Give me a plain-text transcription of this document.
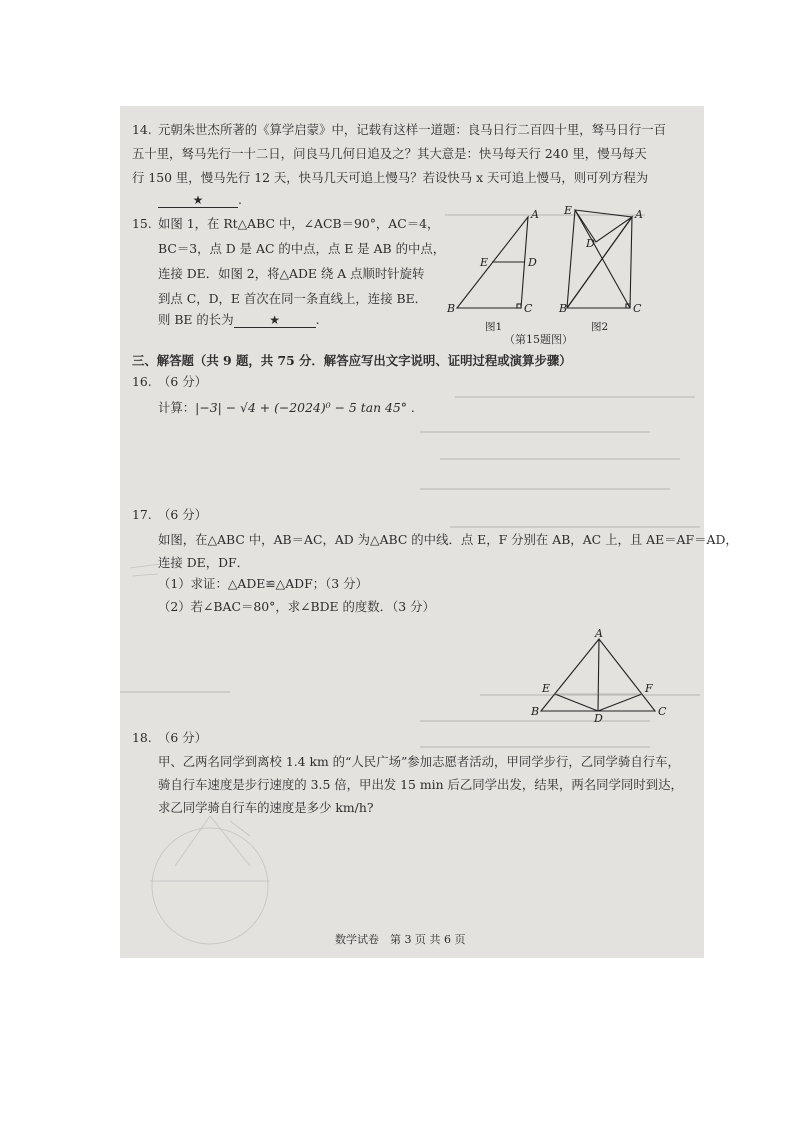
14. 元朝朱世杰所著的《算学启蒙》中，记载有这样一道题：良马日行二百四十里，驽马日行一百
五十里，驽马先行一十二日，问良马几何日追及之？其大意是：快马每天行 240 里，慢马每天
行 150 里，慢马先行 12 天，快马几天可追上慢马？若设快马 x 天可追上慢马，则可列方程为
★	.
15. 如图 1，在 Rt△ABC 中，∠ACB＝90°，AC＝4，
BC＝3，点 D 是 AC 的中点，点 E 是 AB 的中点，
连接 DE．如图 2，将△ADE 绕 A 点顺时针旋转
到点 C，D，E 首次在同一条直线上，连接 BE．
则 BE 的长为	★	.
A
B	C
D
E
图1
E	A
D
B	C
图2
（第15题图）
三、解答题（共 9 题，共 75 分．解答应写出文字说明、证明过程或演算步骤）
16. （6 分）
计算：|−3| − √4 + (−2024)⁰ − 5 tan 45° .
17. （6 分）
如图，在△ABC 中，AB＝AC，AD 为△ABC 的中线．点 E，F 分别在 AB，AC 上，且 AE＝AF＝AD，
连接 DE，DF．
（1）求证：△ADE≌△ADF；（3 分）
（2）若∠BAC＝80°，求∠BDE 的度数．（3 分）
A
B	C
D
E	F
18. （6 分）
甲、乙两名同学到离校 1.4 km 的“人民广场”参加志愿者活动，甲同学步行，乙同学骑自行车，
骑自行车速度是步行速度的 3.5 倍，甲出发 15 min 后乙同学出发，结果，两名同学同时到达，
求乙同学骑自行车的速度是多少 km/h?
数学试卷　第 3 页 共 6 页
